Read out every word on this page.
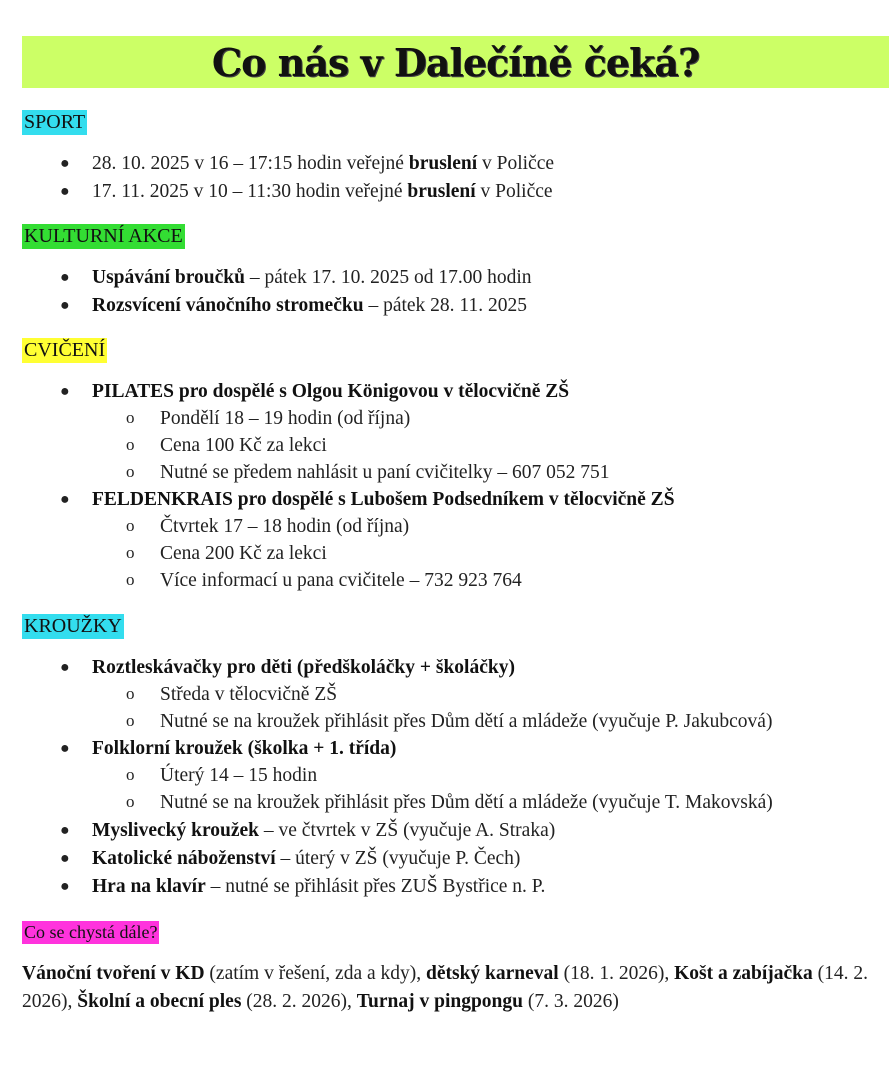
Co nás v Dalečíně čeká?
SPORT
● 28. 10. 2025 v 16 – 17:15 hodin veřejné bruslení v Poličce
● 17. 11. 2025 v 10 – 11:30 hodin veřejné bruslení v Poličce
KULTURNÍ AKCE
● Uspávání broučků – pátek 17. 10. 2025 od 17.00 hodin
● Rozsvícení vánočního stromečku – pátek 28. 11. 2025
CVIČENÍ
● PILATES pro dospělé s Olgou Königovou v tělocvičně ZŠ
o Pondělí 18 – 19 hodin (od října)
o Cena 100 Kč za lekci
o Nutné se předem nahlásit u paní cvičitelky – 607 052 751
● FELDENKRAIS pro dospělé s Lubošem Podsedníkem v tělocvičně ZŠ
o Čtvrtek 17 – 18 hodin (od října)
o Cena 200 Kč za lekci
o Více informací u pana cvičitele – 732 923 764
KROUŽKY
● Roztleskávačky pro děti (předškoláčky + školáčky)
o Středa v tělocvičně ZŠ
o Nutné se na kroužek přihlásit přes Dům dětí a mládeže (vyučuje P. Jakubcová)
● Folklorní kroužek (školka + 1. třída)
o Úterý 14 – 15 hodin
o Nutné se na kroužek přihlásit přes Dům dětí a mládeže (vyučuje T. Makovská)
● Myslivecký kroužek – ve čtvrtek v ZŠ (vyučuje A. Straka)
● Katolické náboženství – úterý v ZŠ (vyučuje P. Čech)
● Hra na klavír – nutné se přihlásit přes ZUŠ Bystřice n. P.
Co se chystá dále?
Vánoční tvoření v KD (zatím v řešení, zda a kdy), dětský karneval (18. 1. 2026), Košt a zabíjačka (14. 2. 2026), Školní a obecní ples (28. 2. 2026), Turnaj v pingpongu (7. 3. 2026)
